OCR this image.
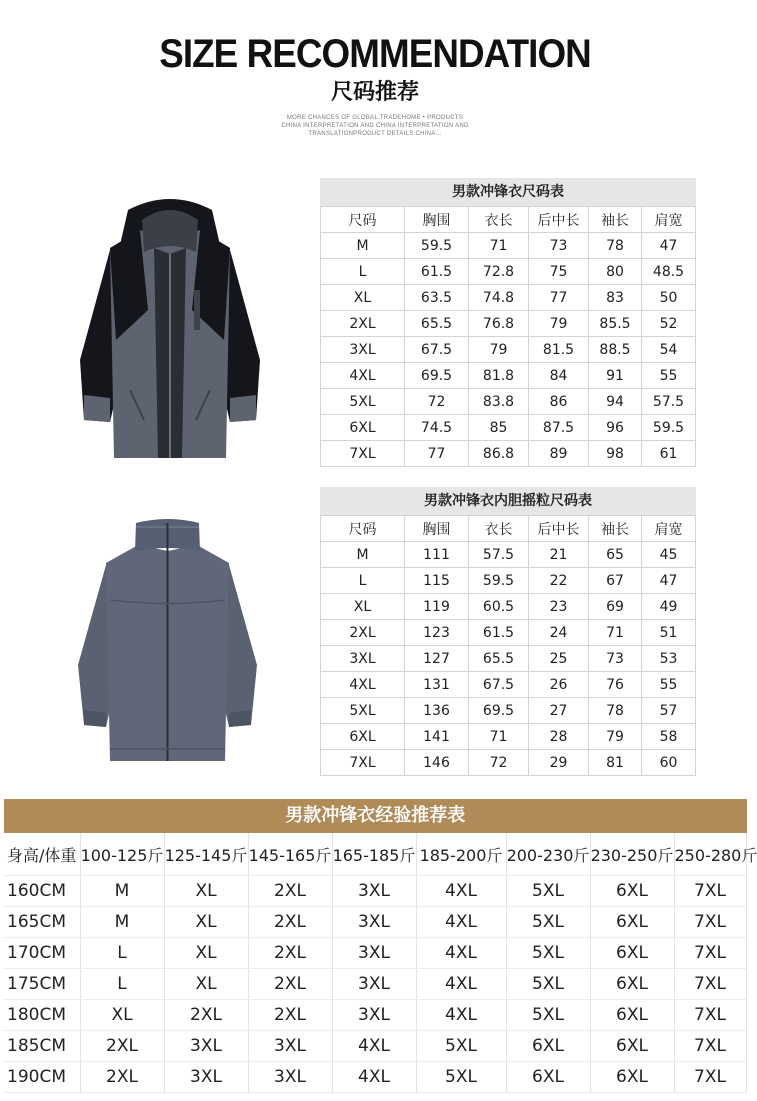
SIZE RECOMMENDATION
尺码推荐
MORE CHANCES OF GLOBAL TRADEHOME • PRODUCTS
CHINA INTERPRETATION AND CHINA INTERPRETATION AND
TRANSLATIONPRODUCT DETAILS CHINA...
男款冲锋衣尺码表
尺码	胸围	衣长	后中长	袖长	肩宽
M	59.5	71	73	78	47
L	61.5	72.8	75	80	48.5
XL	63.5	74.8	77	83	50
2XL	65.5	76.8	79	85.5	52
3XL	67.5	79	81.5	88.5	54
4XL	69.5	81.8	84	91	55
5XL	72	83.8	86	94	57.5
6XL	74.5	85	87.5	96	59.5
7XL	77	86.8	89	98	61
男款冲锋衣内胆摇粒尺码表
尺码	胸围	衣长	后中长	袖长	肩宽
M	111	57.5	21	65	45
L	115	59.5	22	67	47
XL	119	60.5	23	69	49
2XL	123	61.5	24	71	51
3XL	127	65.5	25	73	53
4XL	131	67.5	26	76	55
5XL	136	69.5	27	78	57
6XL	141	71	28	79	58
7XL	146	72	29	81	60
男款冲锋衣经验推荐表
身高/体重	100-125斤	125-145斤	145-165斤	165-185斤	185-200斤	200-230斤	230-250斤	250-280斤
160CM	M	XL	2XL	3XL	4XL	5XL	6XL	7XL
165CM	M	XL	2XL	3XL	4XL	5XL	6XL	7XL
170CM	L	XL	2XL	3XL	4XL	5XL	6XL	7XL
175CM	L	XL	2XL	3XL	4XL	5XL	6XL	7XL
180CM	XL	2XL	2XL	3XL	4XL	5XL	6XL	7XL
185CM	2XL	3XL	3XL	4XL	5XL	6XL	6XL	7XL
190CM	2XL	3XL	3XL	4XL	5XL	6XL	6XL	7XL
